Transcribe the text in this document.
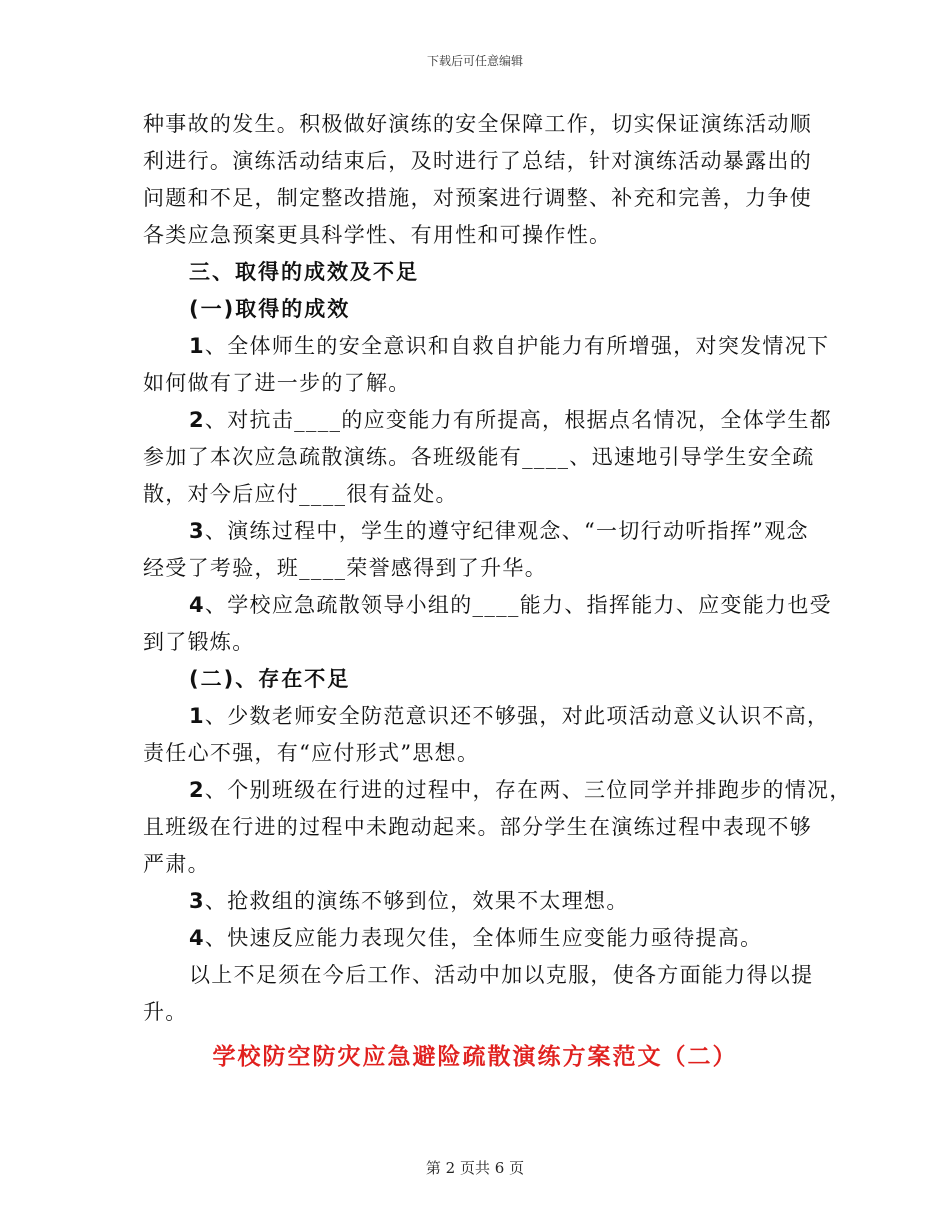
下载后可任意编辑
种事故的发生。积极做好演练的安全保障工作，切实保证演练活动顺
利进行。演练活动结束后，及时进行了总结，针对演练活动暴露出的
问题和不足，制定整改措施，对预案进行调整、补充和完善，力争使
各类应急预案更具科学性、有用性和可操作性。
三、取得的成效及不足
(一)取得的成效
1、全体师生的安全意识和自救自护能力有所增强，对突发情况下
如何做有了进一步的了解。
2、对抗击____的应变能力有所提高，根据点名情况，全体学生都
参加了本次应急疏散演练。各班级能有____、迅速地引导学生安全疏
散，对今后应付____很有益处。
3、演练过程中，学生的遵守纪律观念、“一切行动听指挥”观念
经受了考验，班____荣誉感得到了升华。
4、学校应急疏散领导小组的____能力、指挥能力、应变能力也受
到了锻炼。
(二)、存在不足
1、少数老师安全防范意识还不够强，对此项活动意义认识不高，
责任心不强，有“应付形式”思想。
2、个别班级在行进的过程中，存在两、三位同学并排跑步的情况，
且班级在行进的过程中未跑动起来。部分学生在演练过程中表现不够
严肃。
3、抢救组的演练不够到位，效果不太理想。
4、快速反应能力表现欠佳，全体师生应变能力亟待提高。
以上不足须在今后工作、活动中加以克服，使各方面能力得以提
升。
学校防空防灾应急避险疏散演练方案范文（二）
第 2 页共 6 页
